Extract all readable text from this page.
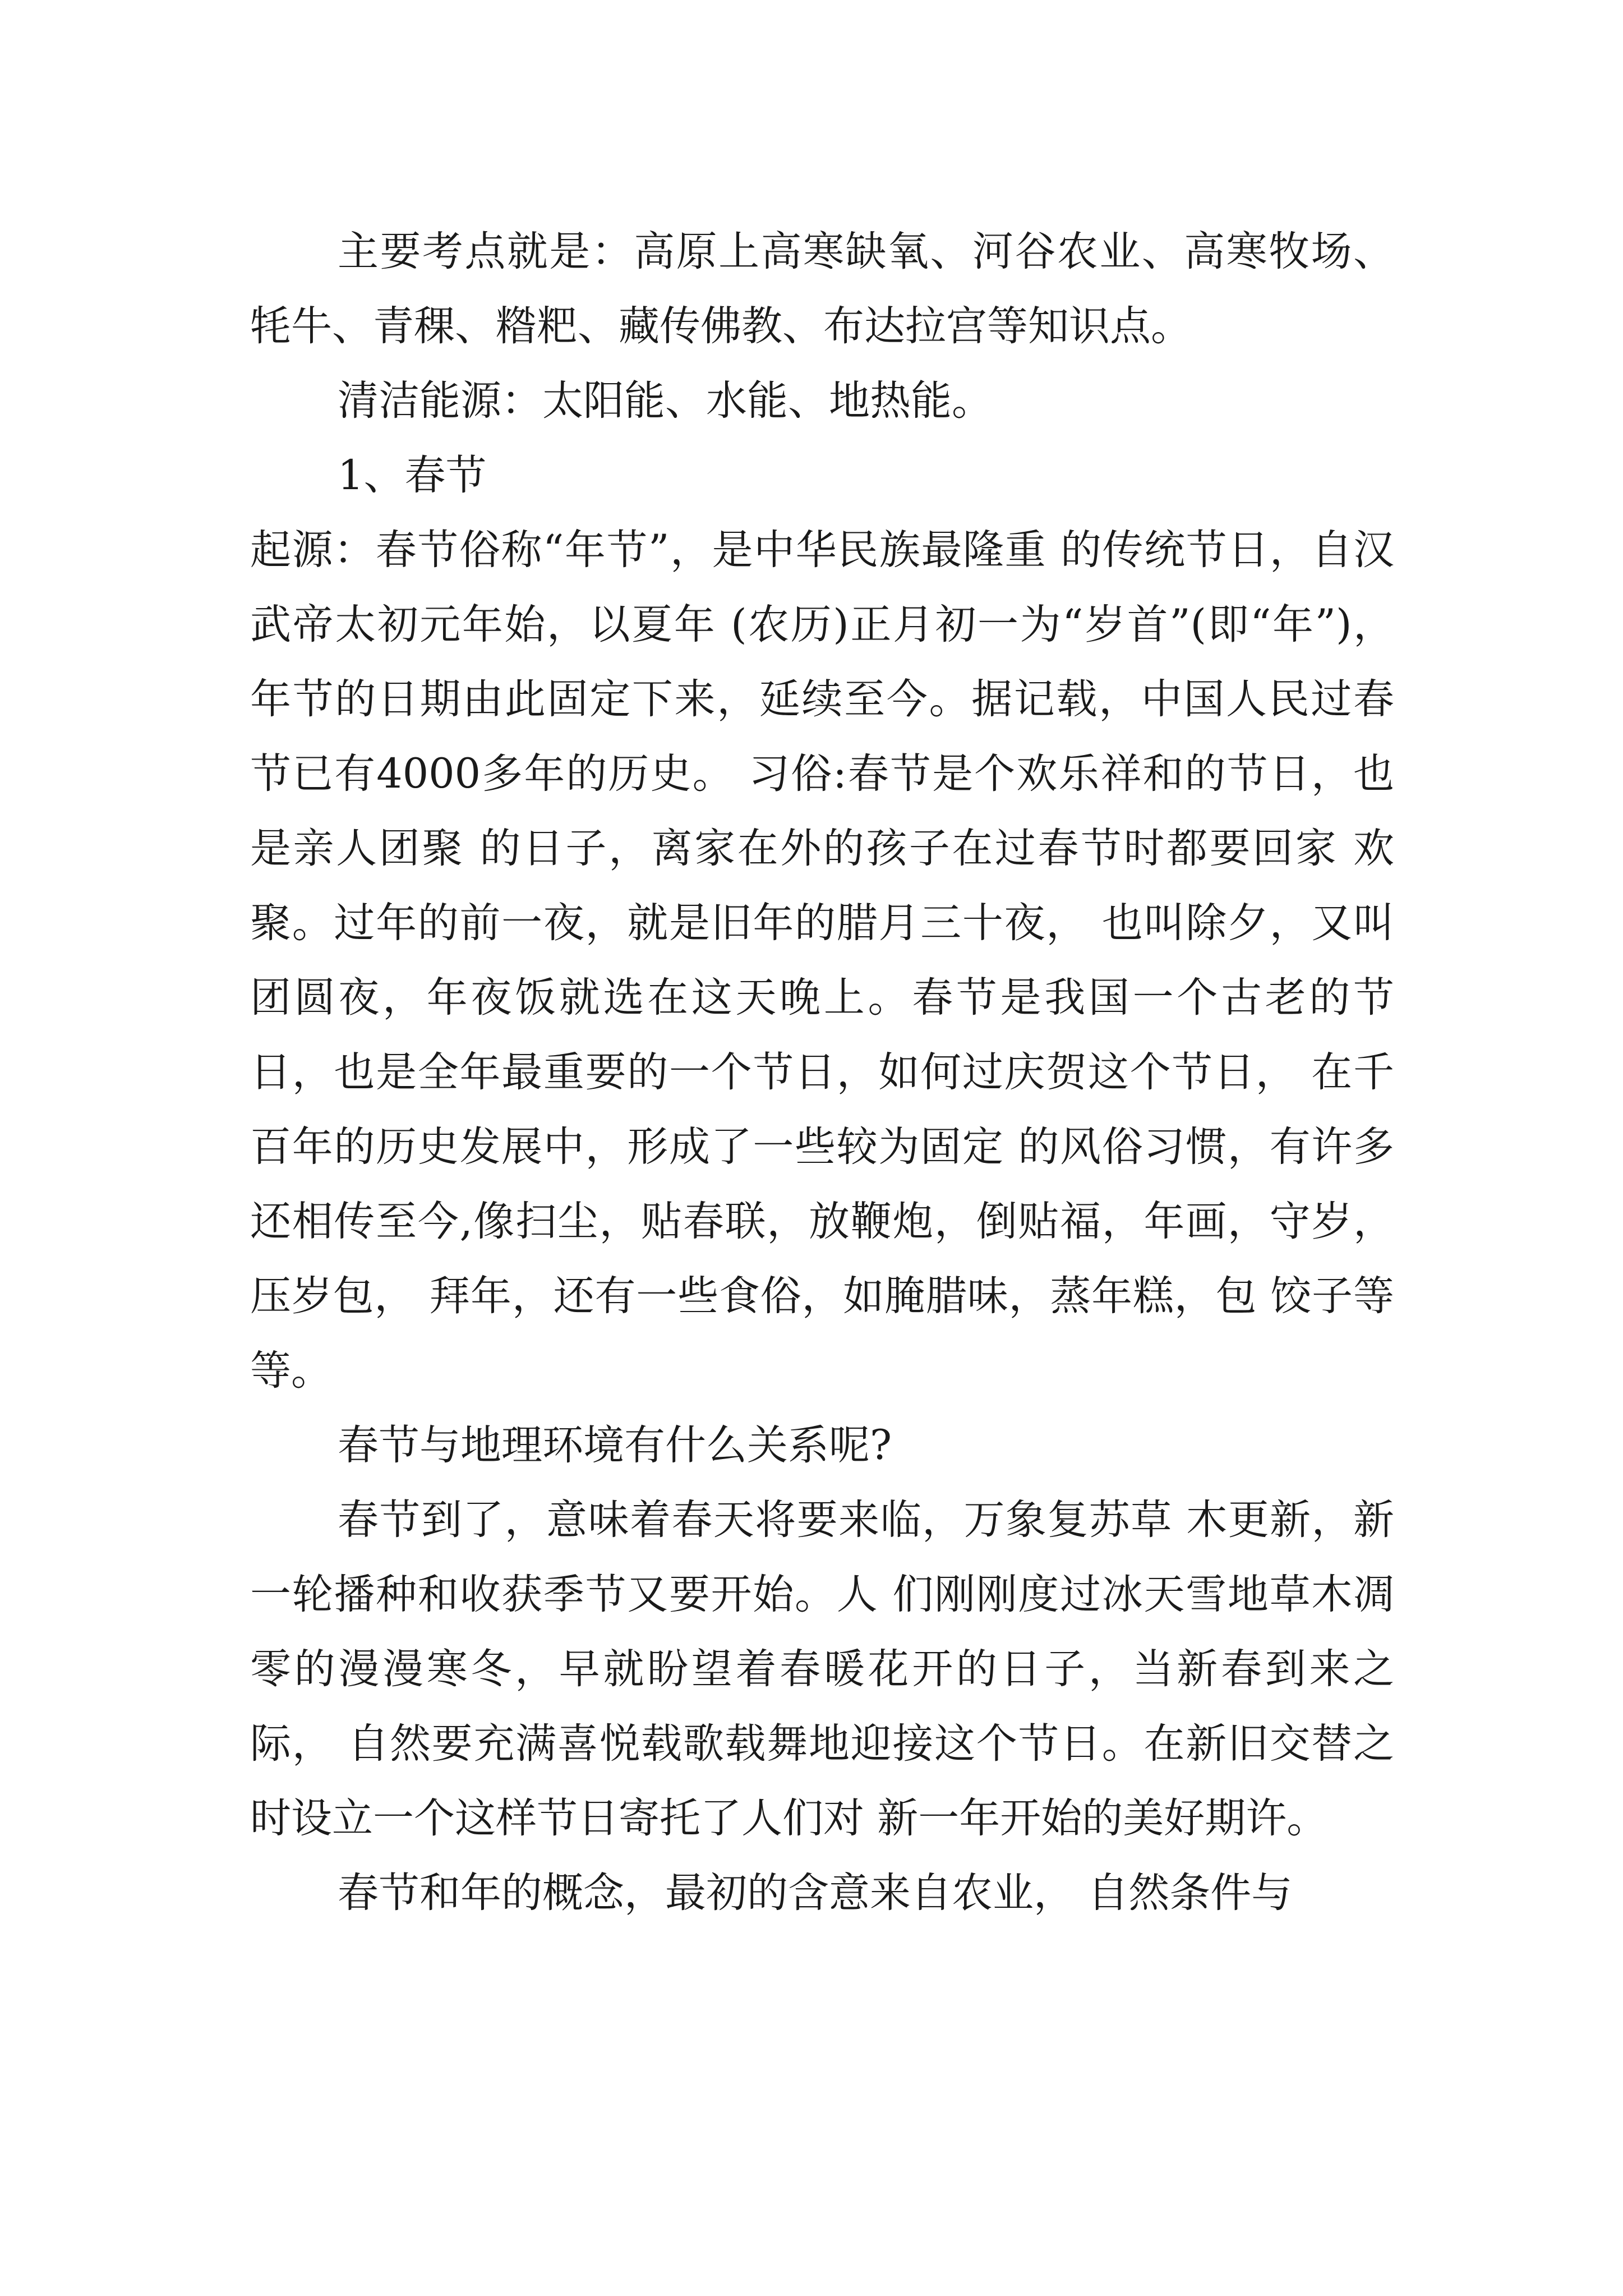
主要考点就是：高原上高寒缺氧、河谷农业、高寒牧场、牦牛、青稞、糌粑、藏传佛教、布达拉宫等知识点。

清洁能源：太阳能、水能、地热能。

1、春节

起源：春节俗称“年节”，是中华民族最隆重 的传统节日，自汉武帝太初元年始，以夏年 (农历)正月初一为“岁首”(即“年”)， 年节的日期由此固定下来，延续至今。据记载，中国人民过春节已有4000多年的历史。 习俗:春节是个欢乐祥和的节日，也是亲人团聚 的日子，离家在外的孩子在过春节时都要回家 欢聚。过年的前一夜，就是旧年的腊月三十夜， 也叫除夕，又叫团圆夜，年夜饭就选在这天晚上。春节是我国一个古老的节日，也是全年最重要的一个节日，如何过庆贺这个节日， 在千百年的历史发展中，形成了一些较为固定 的风俗习惯，有许多还相传至今,像扫尘，贴春联，放鞭炮，倒贴福，年画，守岁，压岁包， 拜年，还有一些食俗，如腌腊味，蒸年糕，包 饺子等等。

春节与地理环境有什么关系呢?

春节到了，意味着春天将要来临，万象复苏草 木更新，新一轮播种和收获季节又要开始。人 们刚刚度过冰天雪地草木凋零的漫漫寒冬，早就盼望着春暖花开的日子，当新春到来之际， 自然要充满喜悦载歌载舞地迎接这个节日。在新旧交替之时设立一个这样节日寄托了人们对 新一年开始的美好期许。

春节和年的概念，最初的含意来自农业， 自然条件与
